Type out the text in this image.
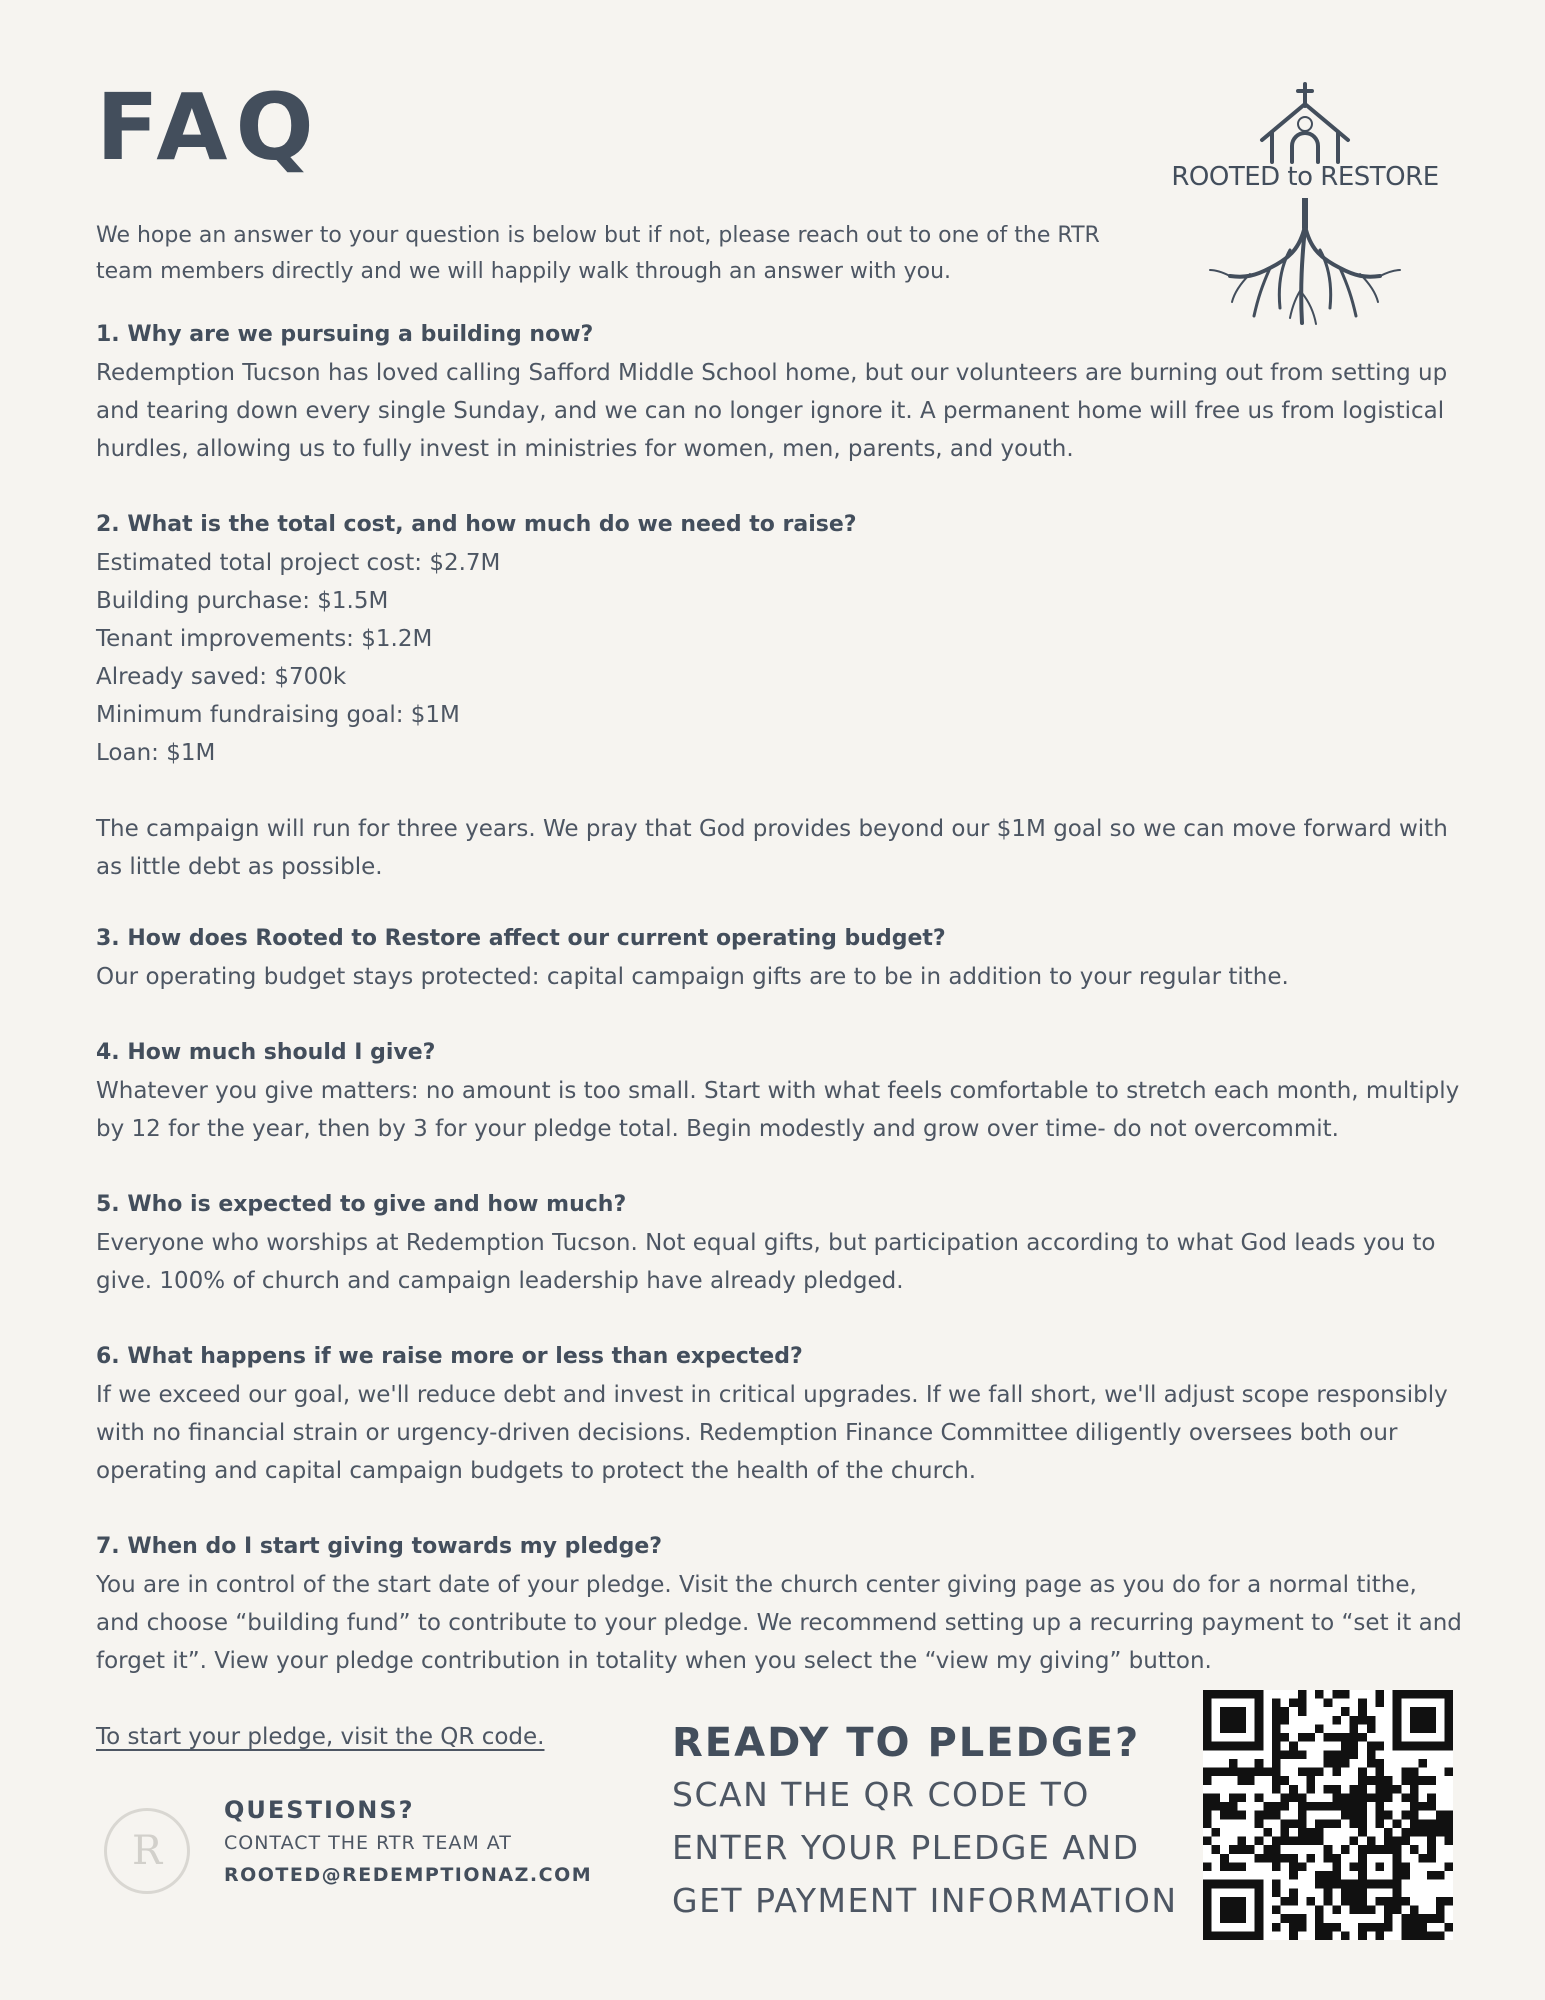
FAQ
We hope an answer to your question is below but if not, please reach out to one of the RTR team members directly and we will happily walk through an answer with you.
ROOTED to RESTORE
1. Why are we pursuing a building now?
Redemption Tucson has loved calling Safford Middle School home, but our volunteers are burning out from setting up and tearing down every single Sunday, and we can no longer ignore it. A permanent home will free us from logistical hurdles, allowing us to fully invest in ministries for women, men, parents, and youth.
2. What is the total cost, and how much do we need to raise?
Estimated total project cost: $2.7M
Building purchase: $1.5M
Tenant improvements: $1.2M
Already saved: $700k
Minimum fundraising goal: $1M
Loan: $1M
The campaign will run for three years. We pray that God provides beyond our $1M goal so we can move forward with as little debt as possible.
3. How does Rooted to Restore affect our current operating budget?
Our operating budget stays protected: capital campaign gifts are to be in addition to your regular tithe.
4. How much should I give?
Whatever you give matters: no amount is too small. Start with what feels comfortable to stretch each month, multiply by 12 for the year, then by 3 for your pledge total. Begin modestly and grow over time- do not overcommit.
5. Who is expected to give and how much?
Everyone who worships at Redemption Tucson. Not equal gifts, but participation according to what God leads you to give. 100% of church and campaign leadership have already pledged.
6. What happens if we raise more or less than expected?
If we exceed our goal, we'll reduce debt and invest in critical upgrades. If we fall short, we'll adjust scope responsibly with no financial strain or urgency-driven decisions. Redemption Finance Committee diligently oversees both our operating and capital campaign budgets to protect the health of the church.
7. When do I start giving towards my pledge?
You are in control of the start date of your pledge. Visit the church center giving page as you do for a normal tithe, and choose “building fund” to contribute to your pledge. We recommend setting up a recurring payment to “set it and forget it”. View your pledge contribution in totality when you select the “view my giving” button.
To start your pledge, visit the QR code.
R
QUESTIONS?
CONTACT THE RTR TEAM AT
ROOTED@REDEMPTIONAZ.COM
READY TO PLEDGE?
SCAN THE QR CODE TO
ENTER YOUR PLEDGE AND
GET PAYMENT INFORMATION
